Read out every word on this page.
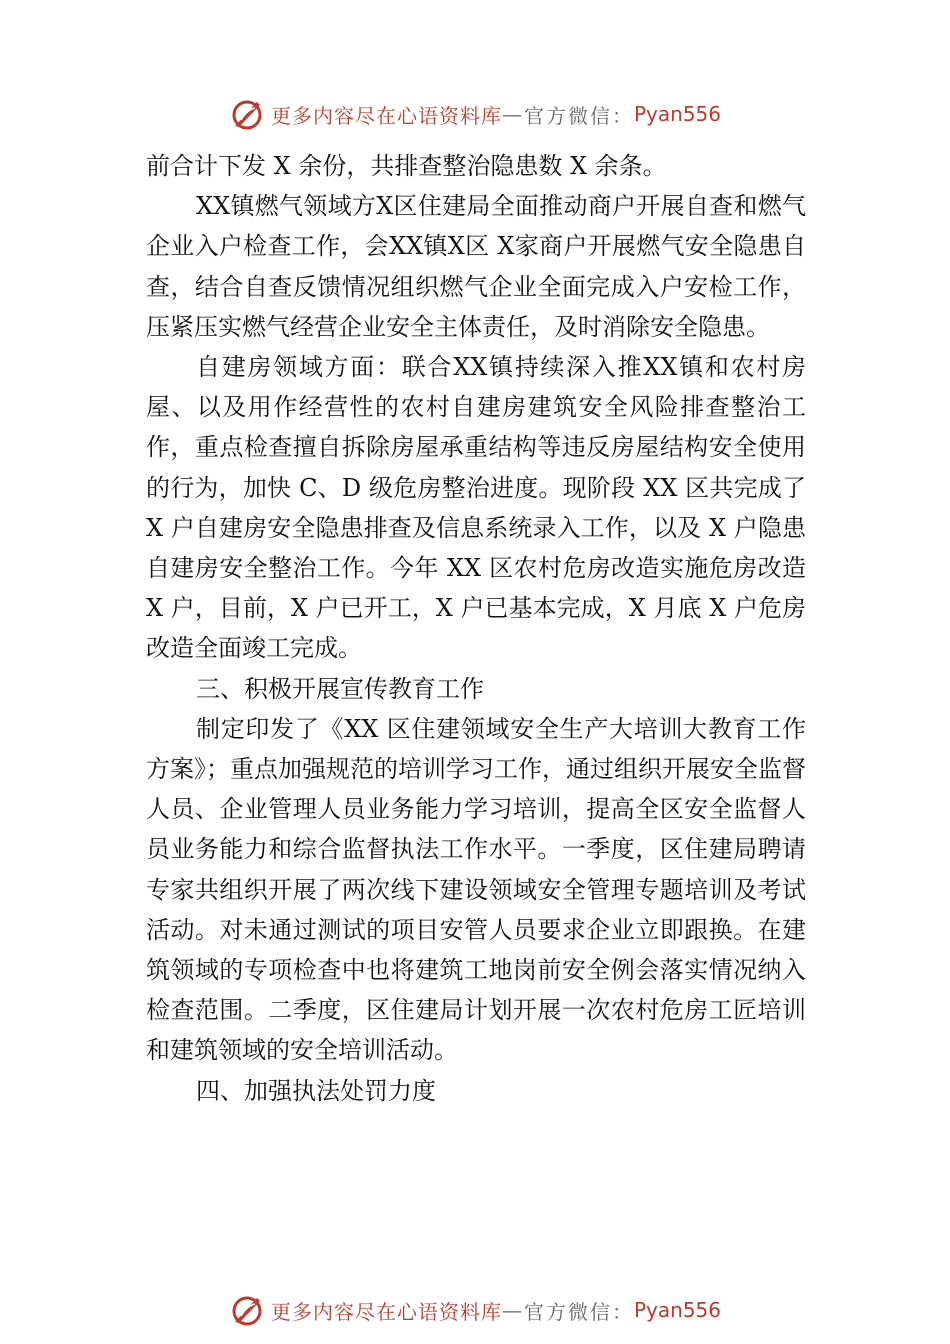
更多内容尽在心语资料库 — 官方微信： Pyan556

前合计下发 X 余份，共排查整治隐患数 X 余条。

XX镇燃气领域方X区住建局全面推动商户开展自查和燃气企业入户检查工作，会XX镇X区 X家商户开展燃气安全隐患自查，结合自查反馈情况组织燃气企业全面完成入户安检工作，压紧压实燃气经营企业安全主体责任，及时消除安全隐患。

自建房领域方面：联合XX镇持续深入推XX镇和农村房屋、以及用作经营性的农村自建房建筑安全风险排查整治工作，重点检查擅自拆除房屋承重结构等违反房屋结构安全使用的行为，加快 C、D 级危房整治进度。现阶段 XX 区共完成了 X 户自建房安全隐患排查及信息系统录入工作，以及 X 户隐患自建房安全整治工作。今年 XX 区农村危房改造实施危房改造 X 户，目前，X 户已开工，X 户已基本完成，X 月底 X 户危房改造全面竣工完成。

三、积极开展宣传教育工作

制定印发了《XX 区住建领域安全生产大培训大教育工作方案》；重点加强规范的培训学习工作，通过组织开展安全监督人员、企业管理人员业务能力学习培训，提高全区安全监督人员业务能力和综合监督执法工作水平。一季度，区住建局聘请专家共组织开展了两次线下建设领域安全管理专题培训及考试活动。对未通过测试的项目安管人员要求企业立即跟换。在建筑领域的专项检查中也将建筑工地岗前安全例会落实情况纳入检查范围。二季度，区住建局计划开展一次农村危房工匠培训和建筑领域的安全培训活动。

四、加强执法处罚力度

更多内容尽在心语资料库 — 官方微信： Pyan556
